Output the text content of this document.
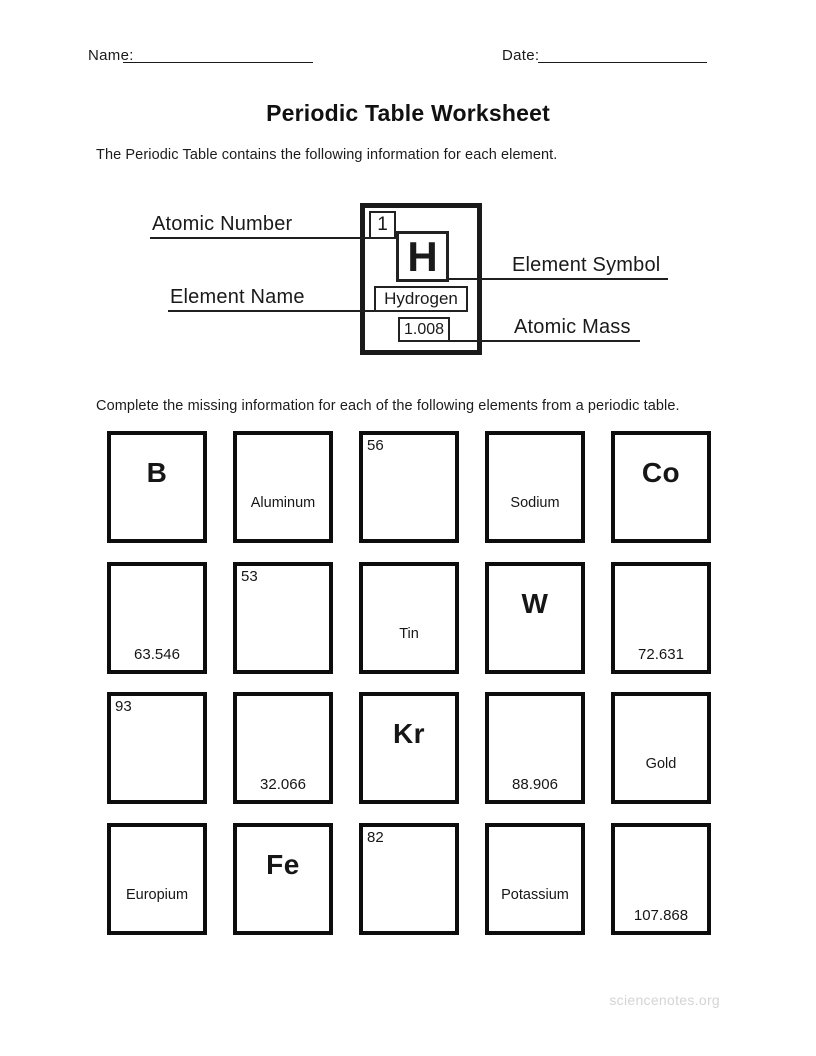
Name:	Date:
Periodic Table Worksheet
The Periodic Table contains the following information for each element.
1
H
Hydrogen
1.008
Atomic Number
Element Name
Element Symbol
Atomic Mass
Complete the missing information for each of the following elements from a periodic table.
B
Aluminum
56
Sodium
Co
63.546
53
Tin
W
72.631
93
32.066
Kr
88.906
Gold
Europium
Fe
82
Potassium
107.868
sciencenotes.org
